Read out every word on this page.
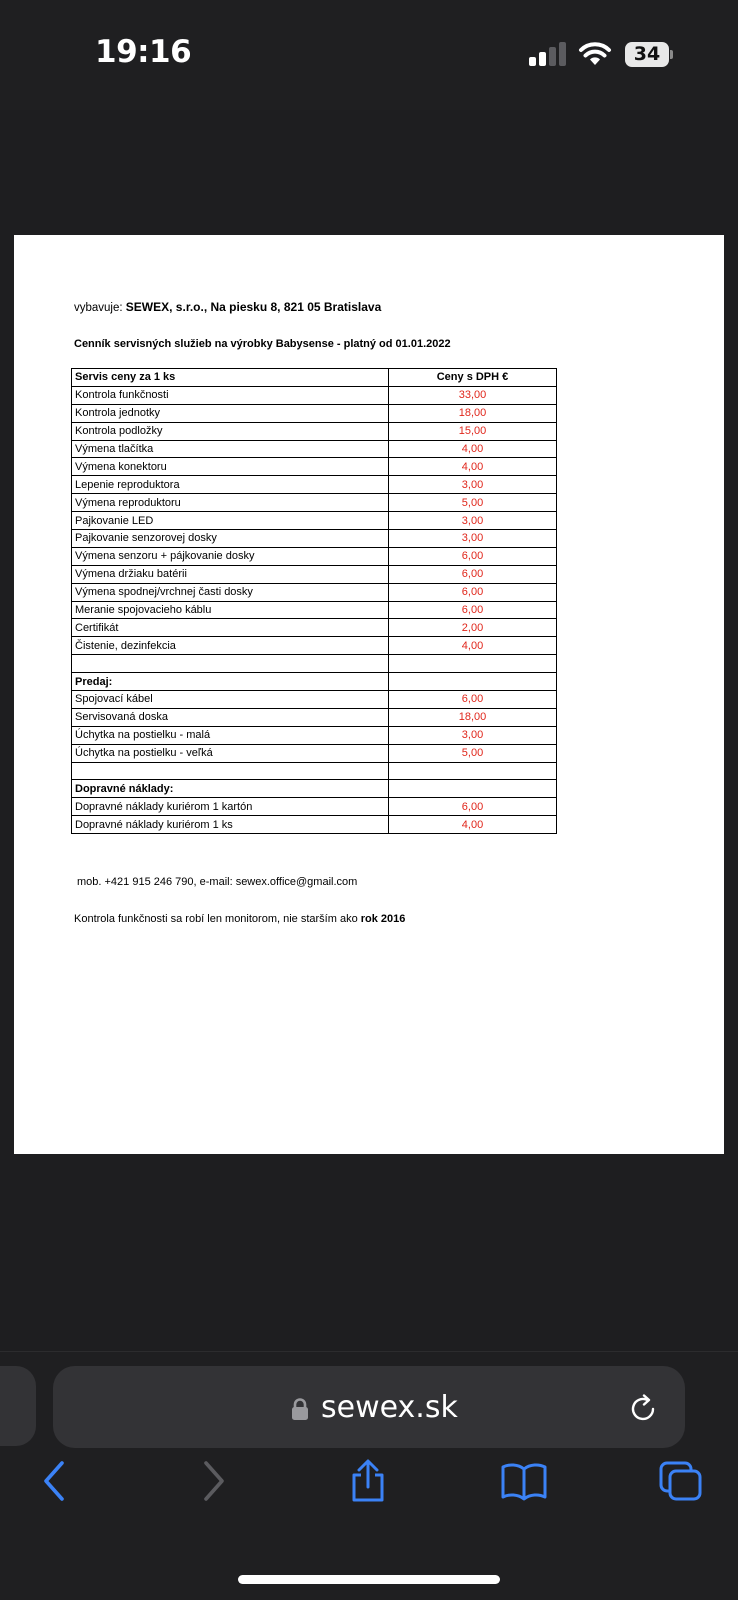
19:16	34
vybavuje: SEWEX, s.r.o., Na piesku 8, 821 05 Bratislava
Cenník servisných služieb na výrobky Babysense - platný od 01.01.2022
Servis ceny za 1 ks	Ceny s DPH €
Kontrola funkčnosti	33,00
Kontrola jednotky	18,00
Kontrola podložky	15,00
Výmena tlačítka	4,00
Výmena konektoru	4,00
Lepenie reproduktora	3,00
Výmena reproduktoru	5,00
Pajkovanie LED	3,00
Pajkovanie senzorovej dosky	3,00
Výmena senzoru + pájkovanie dosky	6,00
Výmena držiaku batérii	6,00
Výmena spodnej/vrchnej časti dosky	6,00
Meranie spojovacieho káblu	6,00
Certifikát	2,00
Čistenie, dezinfekcia	4,00

Predaj:	
Spojovací kábel	6,00
Servisovaná doska	18,00
Úchytka na postielku - malá	3,00
Úchytka na postielku - veľká	5,00

Dopravné náklady:	
Dopravné náklady kuriérom 1 kartón	6,00
Dopravné náklady kuriérom 1 ks	4,00
mob. +421 915 246 790, e-mail: sewex.office@gmail.com
Kontrola funkčnosti sa robí len monitorom, nie starším ako rok 2016
sewex.sk
